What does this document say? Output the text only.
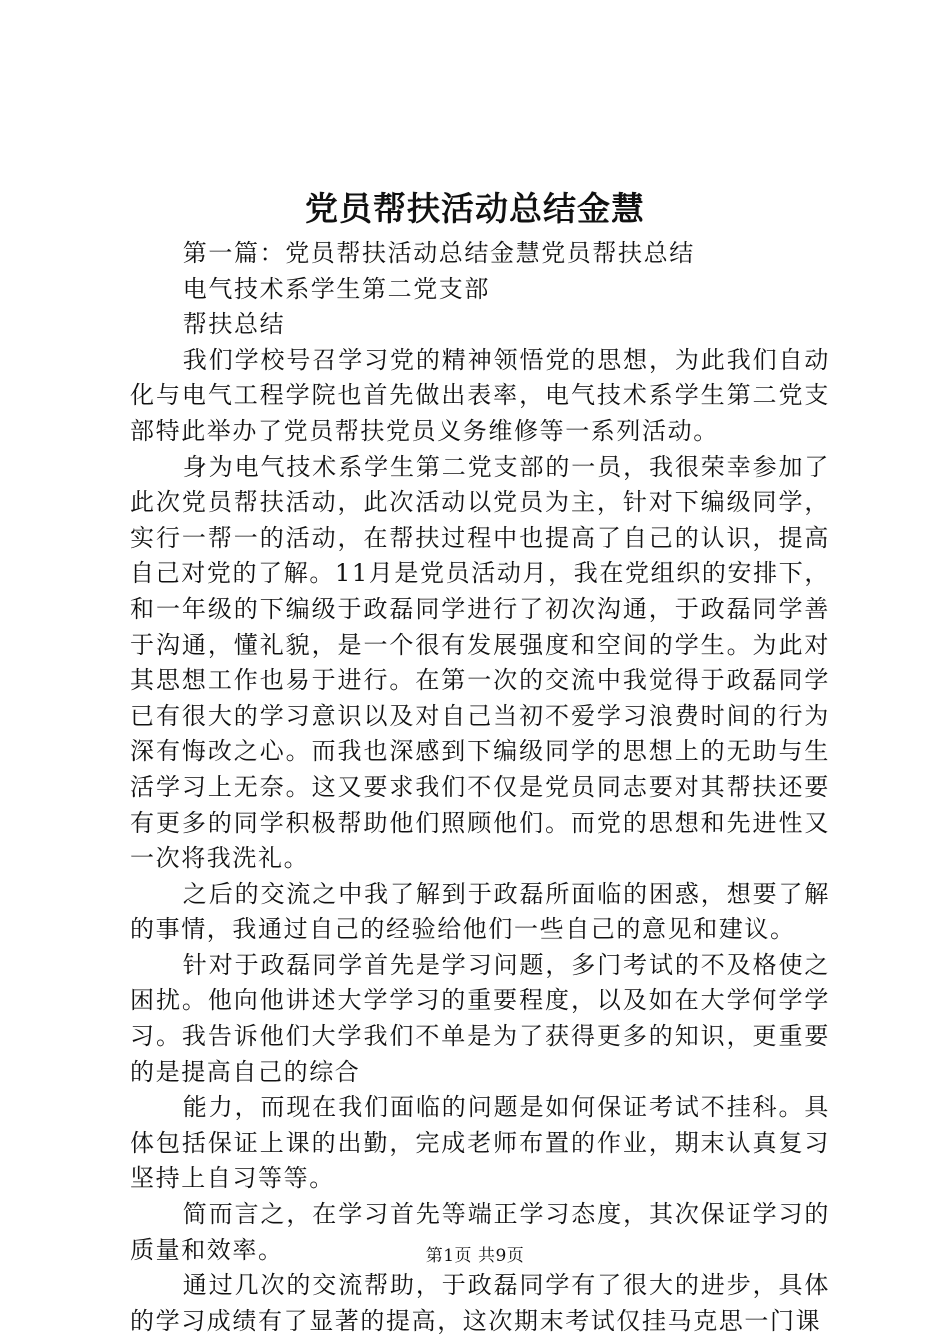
党员帮扶活动总结金慧

第一篇：党员帮扶活动总结金慧党员帮扶总结

电气技术系学生第二党支部

帮扶总结

我们学校号召学习党的精神领悟党的思想，为此我们自动化与电气工程学院也首先做出表率，电气技术系学生第二党支部特此举办了党员帮扶党员义务维修等一系列活动。

身为电气技术系学生第二党支部的一员，我很荣幸参加了此次党员帮扶活动，此次活动以党员为主，针对下编级同学，实行一帮一的活动，在帮扶过程中也提高了自己的认识，提高自己对党的了解。11月是党员活动月，我在党组织的安排下，和一年级的下编级于政磊同学进行了初次沟通，于政磊同学善于沟通，懂礼貌，是一个很有发展强度和空间的学生。为此对其思想工作也易于进行。在第一次的交流中我觉得于政磊同学已有很大的学习意识以及对自己当初不爱学习浪费时间的行为深有悔改之心。而我也深感到下编级同学的思想上的无助与生活学习上无奈。这又要求我们不仅是党员同志要对其帮扶还要有更多的同学积极帮助他们照顾他们。而党的思想和先进性又一次将我洗礼。

之后的交流之中我了解到于政磊所面临的困惑，想要了解的事情，我通过自己的经验给他们一些自己的意见和建议。

针对于政磊同学首先是学习问题，多门考试的不及格使之困扰。他向他讲述大学学习的重要程度，以及如在大学何学学习。我告诉他们大学我们不单是为了获得更多的知识，更重要的是提高自己的综合

能力，而现在我们面临的问题是如何保证考试不挂科。具体包括保证上课的出勤，完成老师布置的作业，期末认真复习坚持上自习等等。

简而言之，在学习首先等端正学习态度，其次保证学习的质量和效率。

通过几次的交流帮助，于政磊同学有了很大的进步，具体的学习成绩有了显著的提高，这次期末考试仅挂马克思一门课

第1页 共9页
